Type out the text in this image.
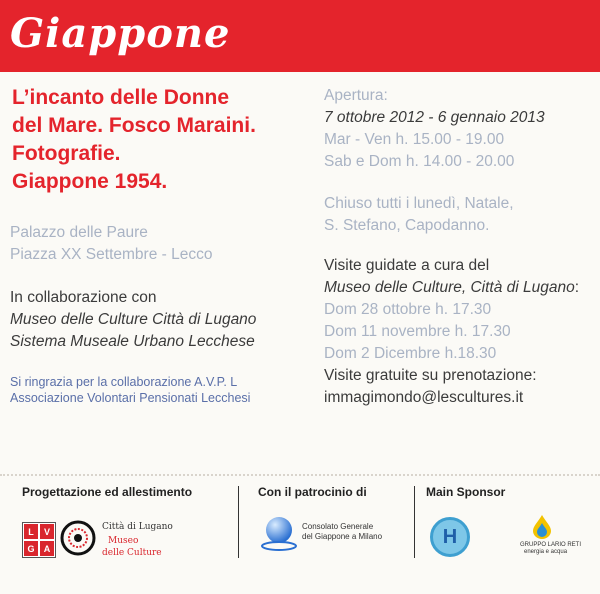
Giappone
L’incanto delle Donne
del Mare. Fosco Maraini.
Fotografie.
Giappone 1954.
Palazzo delle Paure
Piazza XX Settembre - Lecco
In collaborazione con
Museo delle Culture Città di Lugano
Sistema Museale Urbano Lecchese
Si ringrazia per la collaborazione A.V.P. L
Associazione Volontari Pensionati Lecchesi
Apertura:
7 ottobre 2012 - 6 gennaio 2013
Mar - Ven h. 15.00 - 19.00
Sab e Dom h. 14.00 - 20.00
Chiuso tutti i lunedì, Natale,
S. Stefano, Capodanno.
Visite guidate a cura del
Museo delle Culture, Città di Lugano:
Dom 28 ottobre h. 17.30
Dom 11 novembre h. 17.30
Dom 2 Dicembre h.18.30
Visite gratuite su prenotazione:
immagimondo@lescultures.it
Progettazione ed allestimento	Con il patrocinio di	Main Sponsor
L	V
G	A
Città di Lugano
Museo
delle Culture
Consolato Generale
del Giappone a Milano	H	GRUPPO LARIO RETI
energia e acqua
